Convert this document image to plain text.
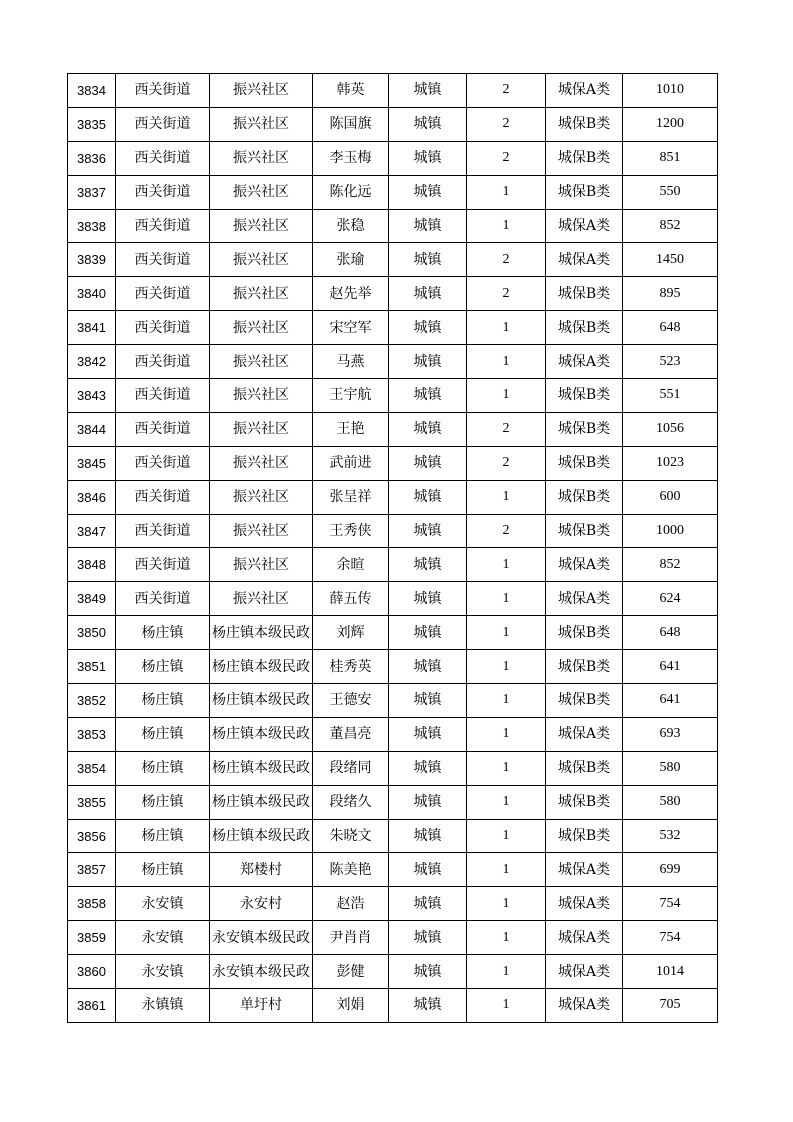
3834	西关街道	振兴社区	韩英	城镇	2	城保A类	1010
3835	西关街道	振兴社区	陈国旗	城镇	2	城保B类	1200
3836	西关街道	振兴社区	李玉梅	城镇	2	城保B类	851
3837	西关街道	振兴社区	陈化远	城镇	1	城保B类	550
3838	西关街道	振兴社区	张稳	城镇	1	城保A类	852
3839	西关街道	振兴社区	张瑜	城镇	2	城保A类	1450
3840	西关街道	振兴社区	赵先举	城镇	2	城保B类	895
3841	西关街道	振兴社区	宋空军	城镇	1	城保B类	648
3842	西关街道	振兴社区	马燕	城镇	1	城保A类	523
3843	西关街道	振兴社区	王宇航	城镇	1	城保B类	551
3844	西关街道	振兴社区	王艳	城镇	2	城保B类	1056
3845	西关街道	振兴社区	武前进	城镇	2	城保B类	1023
3846	西关街道	振兴社区	张呈祥	城镇	1	城保B类	600
3847	西关街道	振兴社区	王秀侠	城镇	2	城保B类	1000
3848	西关街道	振兴社区	余暄	城镇	1	城保A类	852
3849	西关街道	振兴社区	薛五传	城镇	1	城保A类	624
3850	杨庄镇	杨庄镇本级民政	刘辉	城镇	1	城保B类	648
3851	杨庄镇	杨庄镇本级民政	桂秀英	城镇	1	城保B类	641
3852	杨庄镇	杨庄镇本级民政	王德安	城镇	1	城保B类	641
3853	杨庄镇	杨庄镇本级民政	董昌亮	城镇	1	城保A类	693
3854	杨庄镇	杨庄镇本级民政	段绪同	城镇	1	城保B类	580
3855	杨庄镇	杨庄镇本级民政	段绪久	城镇	1	城保B类	580
3856	杨庄镇	杨庄镇本级民政	朱晓文	城镇	1	城保B类	532
3857	杨庄镇	郑楼村	陈美艳	城镇	1	城保A类	699
3858	永安镇	永安村	赵浩	城镇	1	城保A类	754
3859	永安镇	永安镇本级民政	尹肖肖	城镇	1	城保A类	754
3860	永安镇	永安镇本级民政	彭健	城镇	1	城保A类	1014
3861	永镇镇	单圩村	刘娟	城镇	1	城保A类	705
